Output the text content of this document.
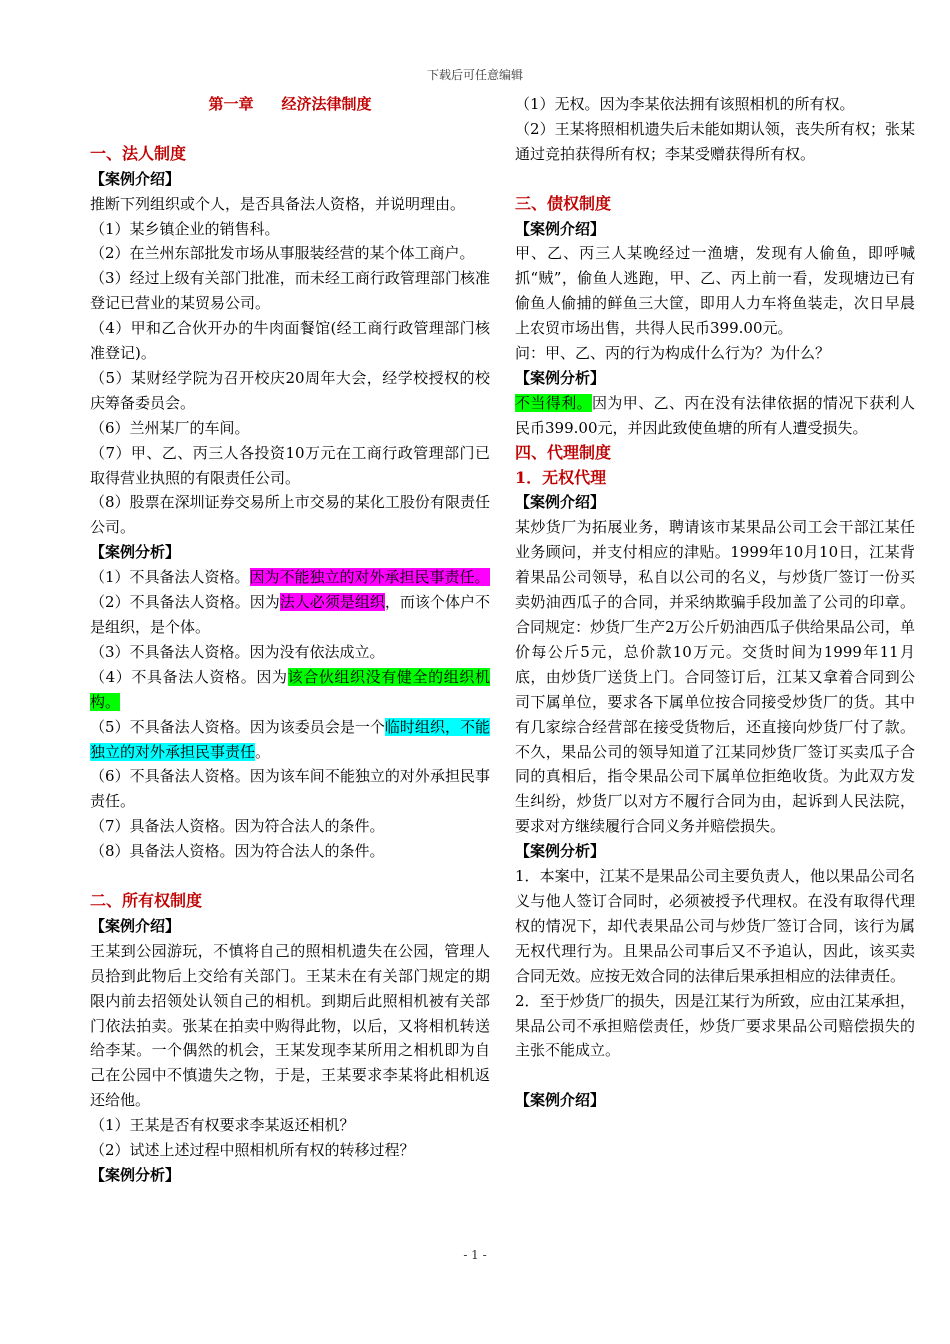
下载后可任意编辑

第一章 经济法律制度

一、法人制度

【案例介绍】

推断下列组织或个人，是否具备法人资格，并说明理由。

（1）某乡镇企业的销售科。

（2）在兰州东部批发市场从事服装经营的某个体工商户。

（3）经过上级有关部门批准，而未经工商行政管理部门核准登记已营业的某贸易公司。

（4）甲和乙合伙开办的牛肉面餐馆(经工商行政管理部门核准登记)。

（5）某财经学院为召开校庆20周年大会，经学校授权的校庆筹备委员会。

（6）兰州某厂的车间。

（7）甲、乙、丙三人各投资10万元在工商行政管理部门已取得营业执照的有限责任公司。

（8）股票在深圳证券交易所上市交易的某化工股份有限责任公司。

【案例分析】

（1）不具备法人资格。因为不能独立的对外承担民事责任。

（2）不具备法人资格。因为法人必须是组织，而该个体户不是组织，是个体。

（3）不具备法人资格。因为没有依法成立。

（4）不具备法人资格。因为该合伙组织没有健全的组织机构。

（5）不具备法人资格。因为该委员会是一个临时组织，不能独立的对外承担民事责任。

（6）不具备法人资格。因为该车间不能独立的对外承担民事责任。

（7）具备法人资格。因为符合法人的条件。

（8）具备法人资格。因为符合法人的条件。

二、所有权制度

【案例介绍】

王某到公园游玩，不慎将自己的照相机遗失在公园，管理人员拾到此物后上交给有关部门。王某未在有关部门规定的期限内前去招领处认领自己的相机。到期后此照相机被有关部门依法拍卖。张某在拍卖中购得此物，以后，又将相机转送给李某。一个偶然的机会，王某发现李某所用之相机即为自己在公园中不慎遗失之物，于是，王某要求李某将此相机返还给他。

（1）王某是否有权要求李某返还相机？

（2）试述上述过程中照相机所有权的转移过程？

【案例分析】

（1）无权。因为李某依法拥有该照相机的所有权。

（2）王某将照相机遗失后未能如期认领，丧失所有权；张某通过竞拍获得所有权；李某受赠获得所有权。

三、债权制度

【案例介绍】

甲、乙、丙三人某晚经过一渔塘，发现有人偷鱼，即呼喊抓“贼”，偷鱼人逃跑，甲、乙、丙上前一看，发现塘边已有偷鱼人偷捕的鲜鱼三大筐，即用人力车将鱼装走，次日早晨上农贸市场出售，共得人民币399.00元。

问：甲、乙、丙的行为构成什么行为？为什么？

【案例分析】

不当得利。因为甲、乙、丙在没有法律依据的情况下获利人民币399.00元，并因此致使鱼塘的所有人遭受损失。

四、代理制度

1．无权代理

【案例介绍】

某炒货厂为拓展业务，聘请该市某果品公司工会干部江某任业务顾问，并支付相应的津贴。1999年10月10日，江某背着果品公司领导，私自以公司的名义，与炒货厂签订一份买卖奶油西瓜子的合同，并采纳欺骗手段加盖了公司的印章。合同规定：炒货厂生产2万公斤奶油西瓜子供给果品公司，单价每公斤5元，总价款10万元。交货时间为1999年11月底，由炒货厂送货上门。合同签订后，江某又拿着合同到公司下属单位，要求各下属单位按合同接受炒货厂的货。其中有几家综合经营部在接受货物后，还直接向炒货厂付了款。不久，果品公司的领导知道了江某同炒货厂签订买卖瓜子合同的真相后，指令果品公司下属单位拒绝收货。为此双方发生纠纷，炒货厂以对方不履行合同为由，起诉到人民法院，要求对方继续履行合同义务并赔偿损失。

【案例分析】

1．本案中，江某不是果品公司主要负责人，他以果品公司名义与他人签订合同时，必须被授予代理权。在没有取得代理权的情况下，却代表果品公司与炒货厂签订合同，该行为属无权代理行为。且果品公司事后又不予追认，因此，该买卖合同无效。应按无效合同的法律后果承担相应的法律责任。

2．至于炒货厂的损失，因是江某行为所致，应由江某承担，果品公司不承担赔偿责任，炒货厂要求果品公司赔偿损失的主张不能成立。

【案例介绍】

- 1 -
